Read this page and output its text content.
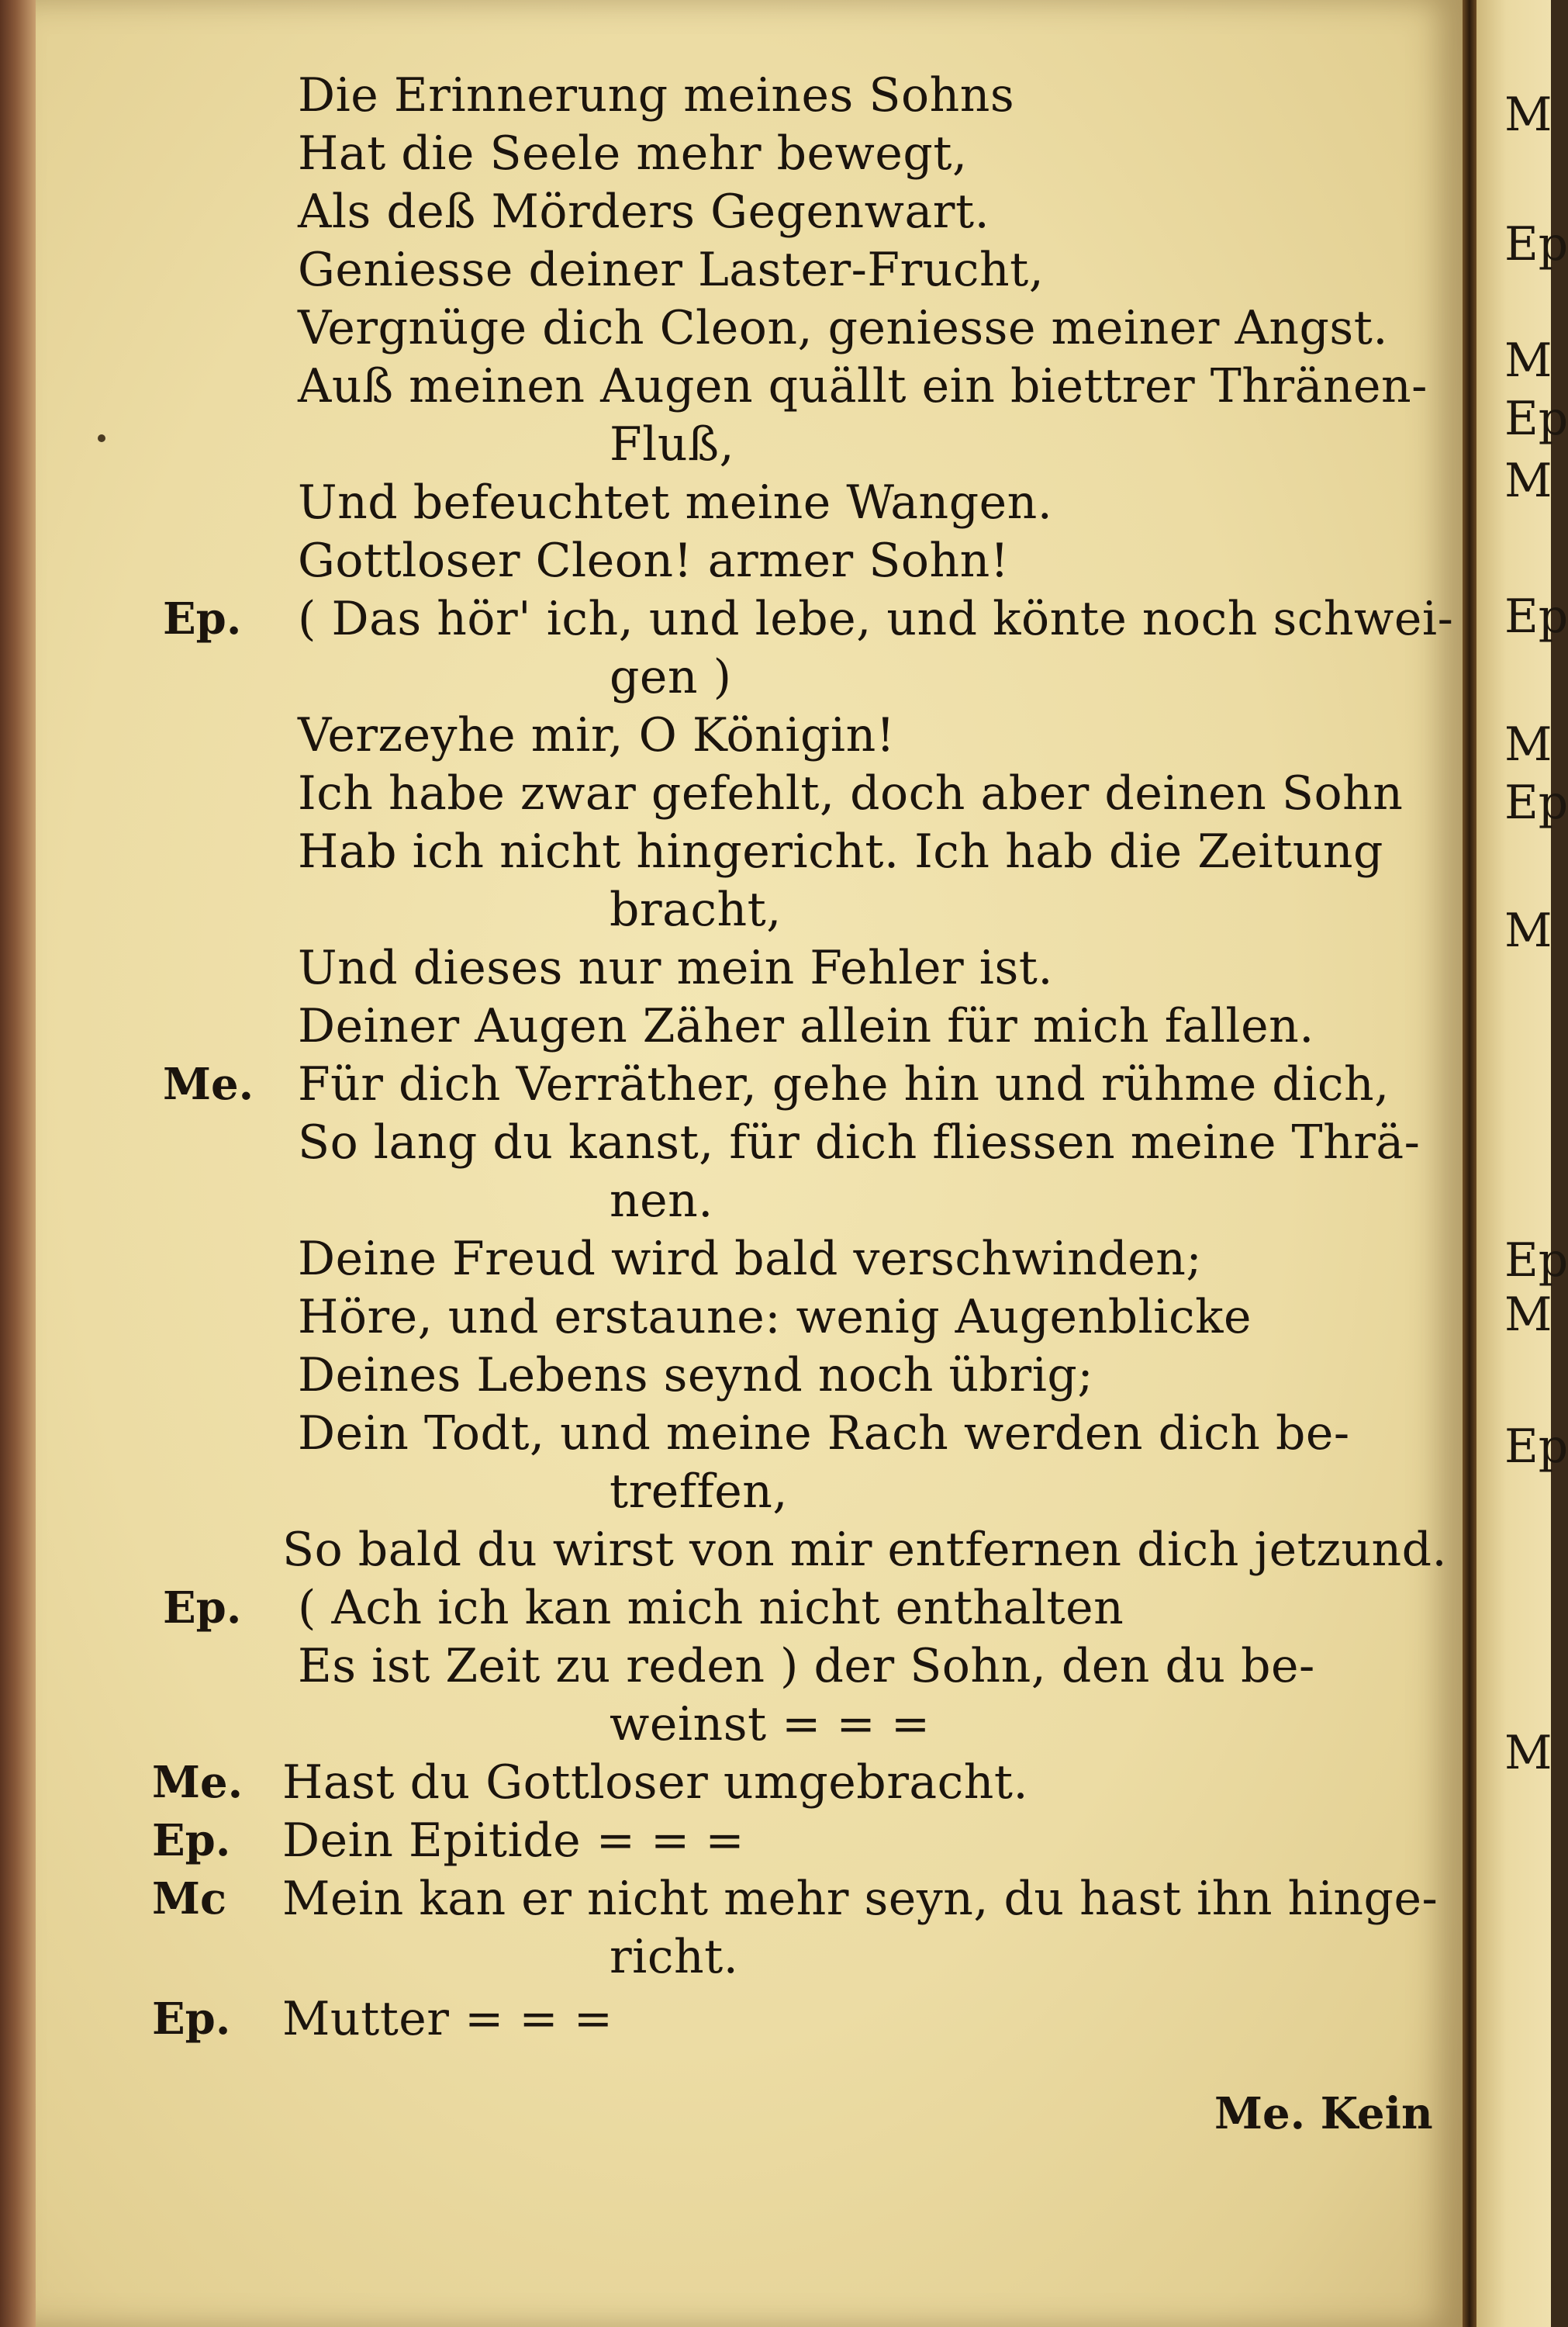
Die Erinnerung meines Sohns
Hat die Seele mehr bewegt,
Als deß Mörders Gegenwart.
Geniesse deiner Laster-Frucht,
Vergnüge dich Cleon, geniesse meiner Angst.
Auß meinen Augen quällt ein biettrer Thränen-
Fluß,
Und befeuchtet meine Wangen.
Gottloser Cleon! armer Sohn!
Ep. ( Das hör' ich, und lebe, und könte noch schwei-
gen )
Verzeyhe mir, O Königin!
Ich habe zwar gefehlt, doch aber deinen Sohn
Hab ich nicht hingericht. Ich hab die Zeitung
bracht,
Und dieses nur mein Fehler ist.
Deiner Augen Zäher allein für mich fallen.
Me. Für dich Verräther, gehe hin und rühme dich,
So lang du kanst, für dich fliessen meine Thrä-
nen.
Deine Freud wird bald verschwinden;
Höre, und erstaune: wenig Augenblicke
Deines Lebens seynd noch übrig;
Dein Todt, und meine Rach werden dich be-
treffen,
So bald du wirst von mir entfernen dich jetzund.
Ep. ( Ach ich kan mich nicht enthalten
Es ist Zeit zu reden ) der Sohn, den du be-
weinst = = =
Me. Hast du Gottloser umgebracht.
Ep. Dein Epitide = = =
Mc Mein kan er nicht mehr seyn, du hast ihn hinge-
richt.
Ep. Mutter = = =
Me. Kein
M
Ep
M
Ep
M
Ep
M
Ep
M
Ep
M
Ep
M
